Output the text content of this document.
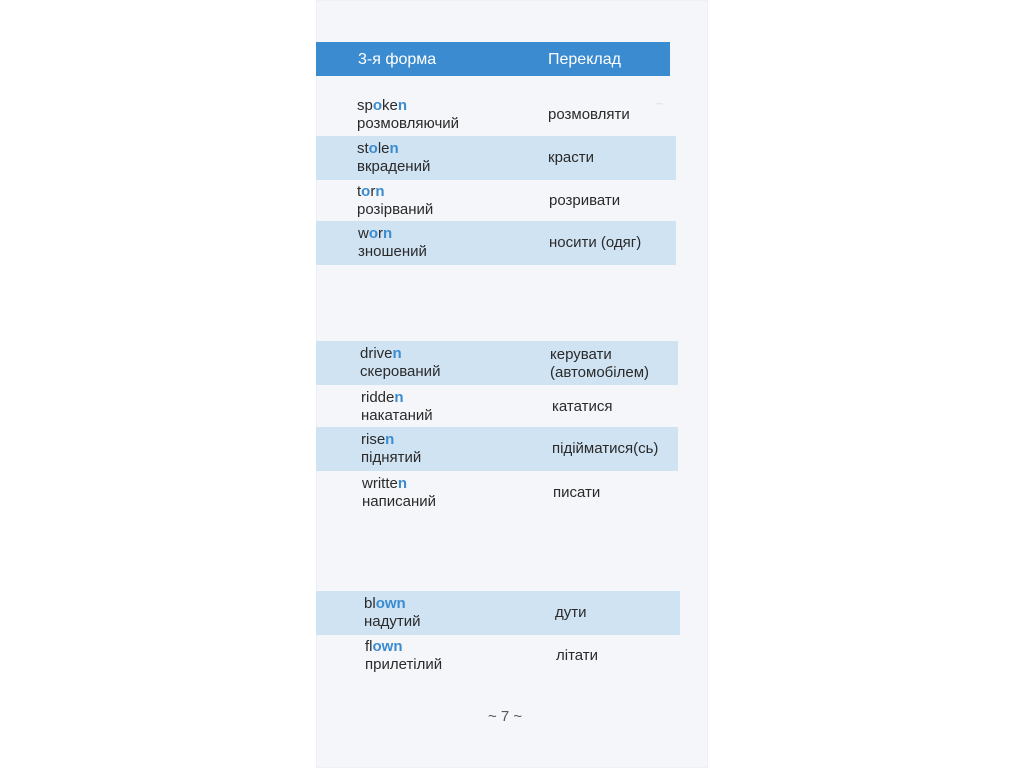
~
3-я форма	Переклад
spoken
розмовляючий
розмовляти
stolen
вкрадений
красти
torn
розірваний
розривати
worn
зношений
носити (одяг)
driven
скерований
керувати
(автомобілем)
ridden
накатаний
кататися
risen
піднятий
підійматися(сь)
written
написаний
писати
blown
надутий
дути
flown
прилетілий
літати
~ 7 ~
